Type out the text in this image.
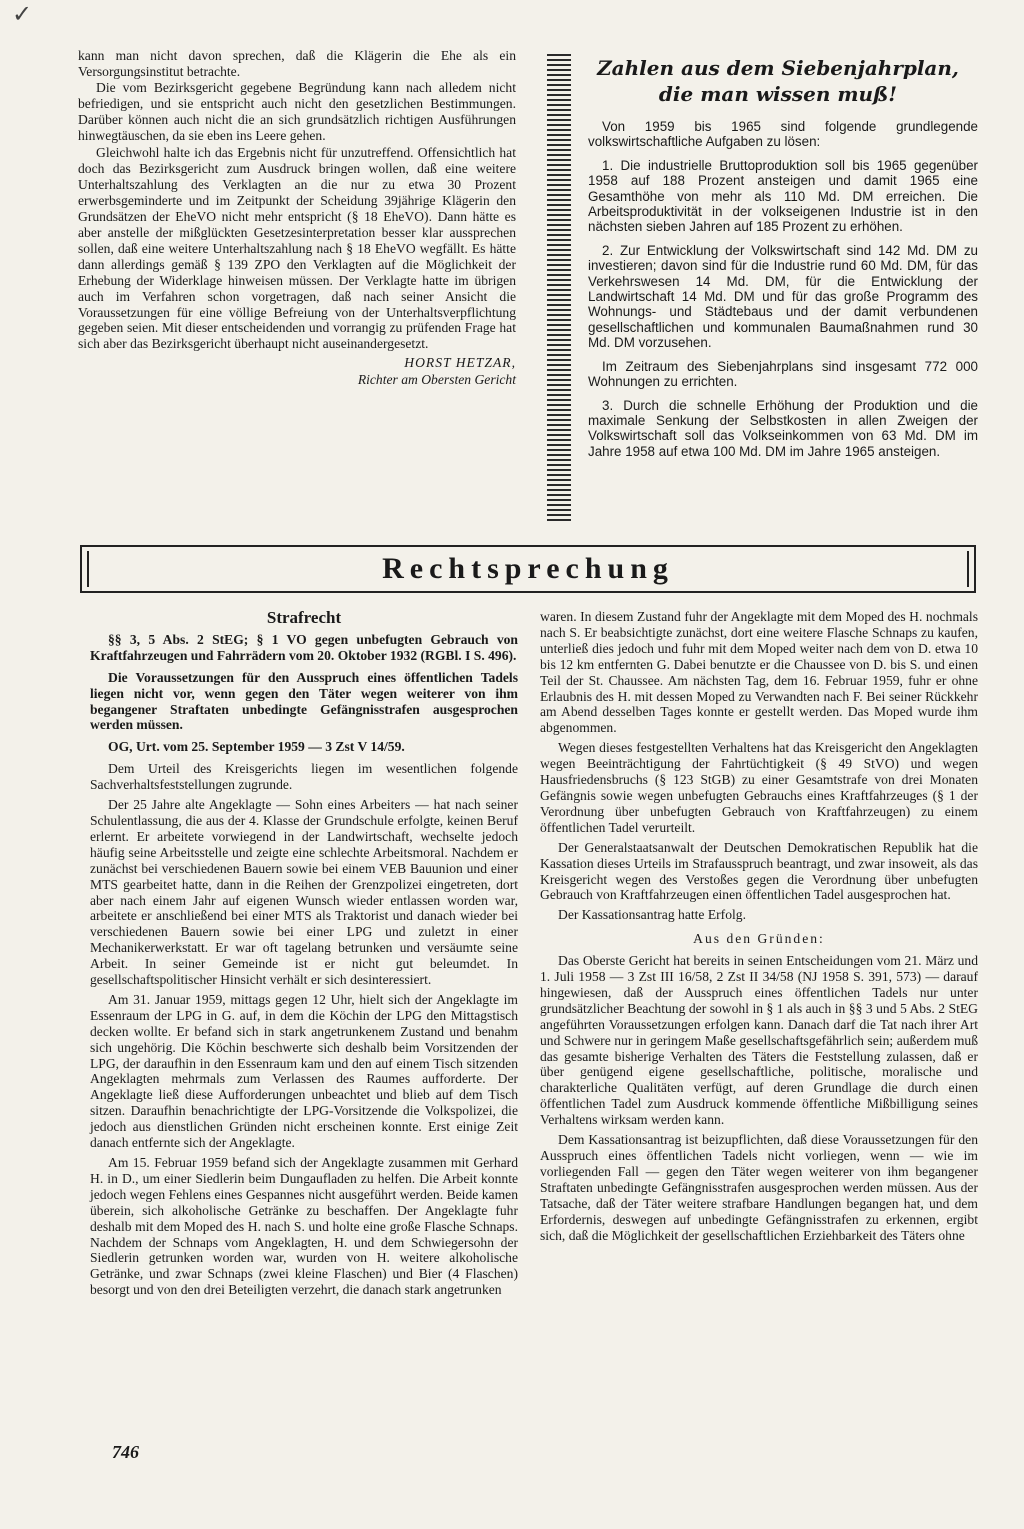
✓

kann man nicht davon sprechen, daß die Klägerin die Ehe als ein Versorgungsinstitut betrachte.

Die vom Bezirksgericht gegebene Begründung kann nach alledem nicht befriedigen, und sie entspricht auch nicht den gesetzlichen Bestimmungen. Darüber können auch nicht die an sich grundsätzlich richtigen Ausführungen hinwegtäuschen, da sie eben ins Leere gehen.

Gleichwohl halte ich das Ergebnis nicht für unzutreffend. Offensichtlich hat doch das Bezirksgericht zum Ausdruck bringen wollen, daß eine weitere Unterhaltszahlung des Verklagten an die nur zu etwa 30 Prozent erwerbsgeminderte und im Zeitpunkt der Scheidung 39jährige Klägerin den Grundsätzen der EheVO nicht mehr entspricht (§ 18 EheVO). Dann hätte es aber anstelle der mißglückten Gesetzesinterpretation besser klar aussprechen sollen, daß eine weitere Unterhaltszahlung nach § 18 EheVO wegfällt. Es hätte dann allerdings gemäß § 139 ZPO den Verklagten auf die Möglichkeit der Erhebung der Widerklage hinweisen müssen. Der Verklagte hatte im übrigen auch im Verfahren schon vorgetragen, daß nach seiner Ansicht die Voraussetzungen für eine völlige Befreiung von der Unterhaltsverpflichtung gegeben seien. Mit dieser entscheidenden und vorrangig zu prüfenden Frage hat sich aber das Bezirksgericht überhaupt nicht auseinandergesetzt.

HORST HETZAR,
Richter am Obersten Gericht
Zahlen aus dem Siebenjahrplan,
die man wissen muß!

Von 1959 bis 1965 sind folgende grundlegende volkswirtschaftliche Aufgaben zu lösen:

1. Die industrielle Bruttoproduktion soll bis 1965 gegenüber 1958 auf 188 Prozent ansteigen und damit 1965 eine Gesamthöhe von mehr als 110 Md. DM erreichen. Die Arbeitsproduktivität in der volkseigenen Industrie ist in den nächsten sieben Jahren auf 185 Prozent zu erhöhen.

2. Zur Entwicklung der Volkswirtschaft sind 142 Md. DM zu investieren; davon sind für die Industrie rund 60 Md. DM, für das Verkehrswesen 14 Md. DM, für die Entwicklung der Landwirtschaft 14 Md. DM und für das große Programm des Wohnungs- und Städtebaus und der damit verbundenen gesellschaftlichen und kommunalen Baumaßnahmen rund 30 Md. DM vorzusehen.

Im Zeitraum des Siebenjahrplans sind insgesamt 772 000 Wohnungen zu errichten.

3. Durch die schnelle Erhöhung der Produktion und die maximale Senkung der Selbstkosten in allen Zweigen der Volkswirtschaft soll das Volkseinkommen von 63 Md. DM im Jahre 1958 auf etwa 100 Md. DM im Jahre 1965 ansteigen.

Rechtsprechung
Strafrecht
§§ 3, 5 Abs. 2 StEG; § 1 VO gegen unbefugten Gebrauch von Kraftfahrzeugen und Fahrrädern vom 20. Oktober 1932 (RGBl. I S. 496).
Die Voraussetzungen für den Ausspruch eines öffentlichen Tadels liegen nicht vor, wenn gegen den Täter wegen weiterer von ihm begangener Straftaten unbedingte Gefängnisstrafen ausgesprochen werden müssen.
OG, Urt. vom 25. September 1959 — 3 Zst V 14/59.

Dem Urteil des Kreisgerichts liegen im wesentlichen folgende Sachverhaltsfeststellungen zugrunde.

Der 25 Jahre alte Angeklagte — Sohn eines Arbeiters — hat nach seiner Schulentlassung, die aus der 4. Klasse der Grundschule erfolgte, keinen Beruf erlernt. Er arbeitete vorwiegend in der Landwirtschaft, wechselte jedoch häufig seine Arbeitsstelle und zeigte eine schlechte Arbeitsmoral. Nachdem er zunächst bei verschiedenen Bauern sowie bei einem VEB Bauunion und einer MTS gearbeitet hatte, dann in die Reihen der Grenzpolizei eingetreten, dort aber nach einem Jahr auf eigenen Wunsch wieder entlassen worden war, arbeitete er anschließend bei einer MTS als Traktorist und danach wieder bei verschiedenen Bauern sowie bei einer LPG und zuletzt in einer Mechanikerwerkstatt. Er war oft tagelang betrunken und versäumte seine Arbeit. In seiner Gemeinde ist er nicht gut beleumdet. In gesellschaftspolitischer Hinsicht verhält er sich desinteressiert.

Am 31. Januar 1959, mittags gegen 12 Uhr, hielt sich der Angeklagte im Essenraum der LPG in G. auf, in dem die Köchin der LPG den Mittagstisch decken wollte. Er befand sich in stark angetrunkenem Zustand und benahm sich ungehörig. Die Köchin beschwerte sich deshalb beim Vorsitzenden der LPG, der daraufhin in den Essenraum kam und den auf einem Tisch sitzenden Angeklagten mehrmals zum Verlassen des Raumes aufforderte. Der Angeklagte ließ diese Aufforderungen unbeachtet und blieb auf dem Tisch sitzen. Daraufhin benachrichtigte der LPG-Vorsitzende die Volkspolizei, die jedoch aus dienstlichen Gründen nicht erscheinen konnte. Erst einige Zeit danach entfernte sich der Angeklagte.

Am 15. Februar 1959 befand sich der Angeklagte zusammen mit Gerhard H. in D., um einer Siedlerin beim Dungaufladen zu helfen. Die Arbeit konnte jedoch wegen Fehlens eines Gespannes nicht ausgeführt werden. Beide kamen überein, sich alkoholische Getränke zu beschaffen. Der Angeklagte fuhr deshalb mit dem Moped des H. nach S. und holte eine große Flasche Schnaps. Nachdem der Schnaps vom Angeklagten, H. und dem Schwiegersohn der Siedlerin getrunken worden war, wurden von H. weitere alkoholische Getränke, und zwar Schnaps (zwei kleine Flaschen) und Bier (4 Flaschen) besorgt und von den drei Beteiligten verzehrt, die danach stark angetrunken

waren. In diesem Zustand fuhr der Angeklagte mit dem Moped des H. nochmals nach S. Er beabsichtigte zunächst, dort eine weitere Flasche Schnaps zu kaufen, unterließ dies jedoch und fuhr mit dem Moped weiter nach dem von D. etwa 10 bis 12 km entfernten G. Dabei benutzte er die Chaussee von D. bis S. und einen Teil der St. Chaussee. Am nächsten Tag, dem 16. Februar 1959, fuhr er ohne Erlaubnis des H. mit dessen Moped zu Verwandten nach F. Bei seiner Rückkehr am Abend desselben Tages konnte er gestellt werden. Das Moped wurde ihm abgenommen.

Wegen dieses festgestellten Verhaltens hat das Kreisgericht den Angeklagten wegen Beeinträchtigung der Fahrtüchtigkeit (§ 49 StVO) und wegen Hausfriedensbruchs (§ 123 StGB) zu einer Gesamtstrafe von drei Monaten Gefängnis sowie wegen unbefugten Gebrauchs eines Kraftfahrzeuges (§ 1 der Verordnung über unbefugten Gebrauch von Kraftfahrzeugen) zu einem öffentlichen Tadel verurteilt.

Der Generalstaatsanwalt der Deutschen Demokratischen Republik hat die Kassation dieses Urteils im Strafausspruch beantragt, und zwar insoweit, als das Kreisgericht wegen des Verstoßes gegen die Verordnung über unbefugten Gebrauch von Kraftfahrzeugen einen öffentlichen Tadel ausgesprochen hat.

Der Kassationsantrag hatte Erfolg.

Aus den Gründen:

Das Oberste Gericht hat bereits in seinen Entscheidungen vom 21. März und 1. Juli 1958 — 3 Zst III 16/58, 2 Zst II 34/58 (NJ 1958 S. 391, 573) — darauf hingewiesen, daß der Ausspruch eines öffentlichen Tadels nur unter grundsätzlicher Beachtung der sowohl in § 1 als auch in §§ 3 und 5 Abs. 2 StEG angeführten Voraussetzungen erfolgen kann. Danach darf die Tat nach ihrer Art und Schwere nur in geringem Maße gesellschaftsgefährlich sein; außerdem muß das gesamte bisherige Verhalten des Täters die Feststellung zulassen, daß er über genügend eigene gesellschaftliche, politische, moralische und charakterliche Qualitäten verfügt, auf deren Grundlage die durch einen öffentlichen Tadel zum Ausdruck kommende öffentliche Mißbilligung seines Verhaltens wirksam werden kann.

Dem Kassationsantrag ist beizupflichten, daß diese Voraussetzungen für den Ausspruch eines öffentlichen Tadels nicht vorliegen, wenn — wie im vorliegenden Fall — gegen den Täter wegen weiterer von ihm begangener Straftaten unbedingte Gefängnisstrafen ausgesprochen werden müssen. Aus der Tatsache, daß der Täter weitere strafbare Handlungen begangen hat, und dem Erfordernis, deswegen auf unbedingte Gefängnisstrafen zu erkennen, ergibt sich, daß die Möglichkeit der gesellschaftlichen Erziehbarkeit des Täters ohne

746
